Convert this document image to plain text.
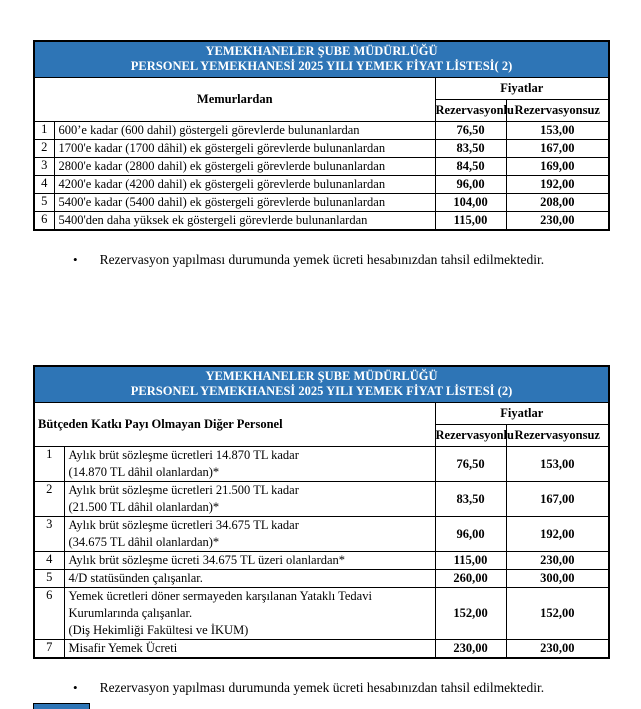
YEMEKHANELER ŞUBE MÜDÜRLÜĞÜ
PERSONEL YEMEKHANESİ 2025 YILI YEMEK FİYAT LİSTESİ( 2)			

Memurlardan		Fiyatlar	
		Rezervasyonlu	Rezervasyonsuz
1	600’e kadar (600 dahil) göstergeli görevlerde bulunanlardan	76,50	153,00
2	1700'e kadar (1700 dâhil) ek göstergeli görevlerde bulunanlardan	83,50	167,00
3	2800'e kadar (2800 dahil) ek göstergeli görevlerde bulunanlardan	84,50	169,00
4	4200'e kadar (4200 dahil) ek göstergeli görevlerde bulunanlardan	96,00	192,00
5	5400'e kadar (5400 dahil) ek göstergeli görevlerde bulunanlardan	104,00	208,00
6	5400'den daha yüksek ek göstergeli görevlerde bulunanlardan	115,00	230,00
• Rezervasyon yapılması durumunda yemek ücreti hesabınızdan tahsil edilmektedir.
YEMEKHANELER ŞUBE MÜDÜRLÜĞÜ
PERSONEL YEMEKHANESİ 2025 YILI YEMEK FİYAT LİSTESİ (2)			

Bütçeden Katkı Payı Olmayan Diğer Personel		Fiyatlar	
		Rezervasyonlu	Rezervasyonsuz
1	Aylık brüt sözleşme ücretleri 14.870 TL kadar
(14.870 TL dâhil olanlardan)*	76,50	153,00
2	Aylık brüt sözleşme ücretleri 21.500 TL kadar
(21.500 TL dâhil olanlardan)*	83,50	167,00
3	Aylık brüt sözleşme ücretleri 34.675 TL kadar
(34.675 TL dâhil olanlardan)*	96,00	192,00
4	Aylık brüt sözleşme ücreti 34.675 TL üzeri olanlardan*	115,00	230,00
5	4/D statüsünden çalışanlar.	260,00	300,00
6	Yemek ücretleri döner sermayeden karşılanan Yataklı Tedavi
Kurumlarında çalışanlar.
(Diş Hekimliği Fakültesi ve İKUM)	152,00	152,00
7	Misafir Yemek Ücreti	230,00	230,00
• Rezervasyon yapılması durumunda yemek ücreti hesabınızdan tahsil edilmektedir.
